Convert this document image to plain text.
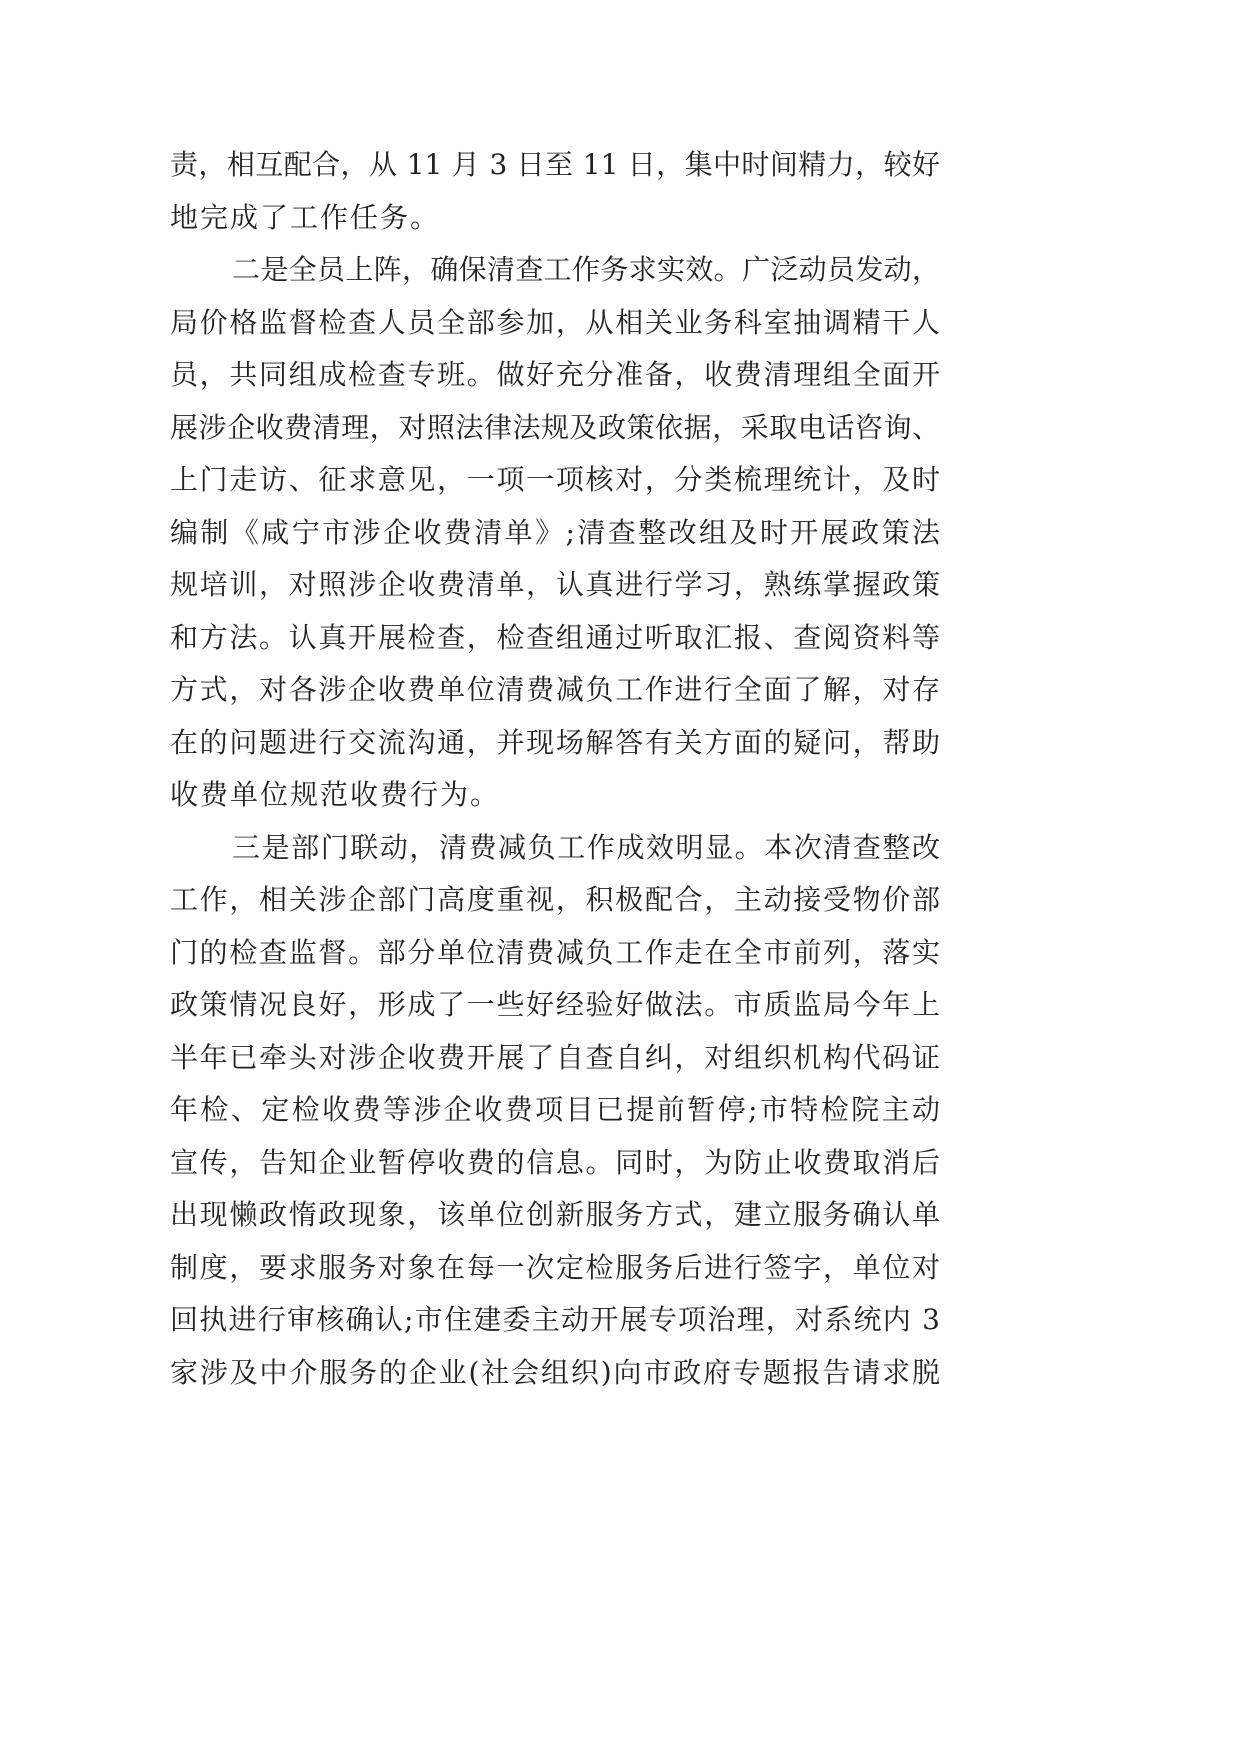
责，相互配合，从 11 月 3 日至 11 日，集中时间精力，较好
地完成了工作任务。
二是全员上阵，确保清查工作务求实效。广泛动员发动，
局价格监督检查人员全部参加，从相关业务科室抽调精干人
员，共同组成检查专班。做好充分准备，收费清理组全面开
展涉企收费清理，对照法律法规及政策依据，采取电话咨询、
上门走访、征求意见，一项一项核对，分类梳理统计，及时
编制《咸宁市涉企收费清单》;清查整改组及时开展政策法
规培训，对照涉企收费清单，认真进行学习，熟练掌握政策
和方法。认真开展检查，检查组通过听取汇报、查阅资料等
方式，对各涉企收费单位清费减负工作进行全面了解，对存
在的问题进行交流沟通，并现场解答有关方面的疑问，帮助
收费单位规范收费行为。
三是部门联动，清费减负工作成效明显。本次清查整改
工作，相关涉企部门高度重视，积极配合，主动接受物价部
门的检查监督。部分单位清费减负工作走在全市前列，落实
政策情况良好，形成了一些好经验好做法。市质监局今年上
半年已牵头对涉企收费开展了自查自纠，对组织机构代码证
年检、定检收费等涉企收费项目已提前暂停;市特检院主动
宣传，告知企业暂停收费的信息。同时，为防止收费取消后
出现懒政惰政现象，该单位创新服务方式，建立服务确认单
制度，要求服务对象在每一次定检服务后进行签字，单位对
回执进行审核确认;市住建委主动开展专项治理，对系统内 3
家涉及中介服务的企业(社会组织)向市政府专题报告请求脱
